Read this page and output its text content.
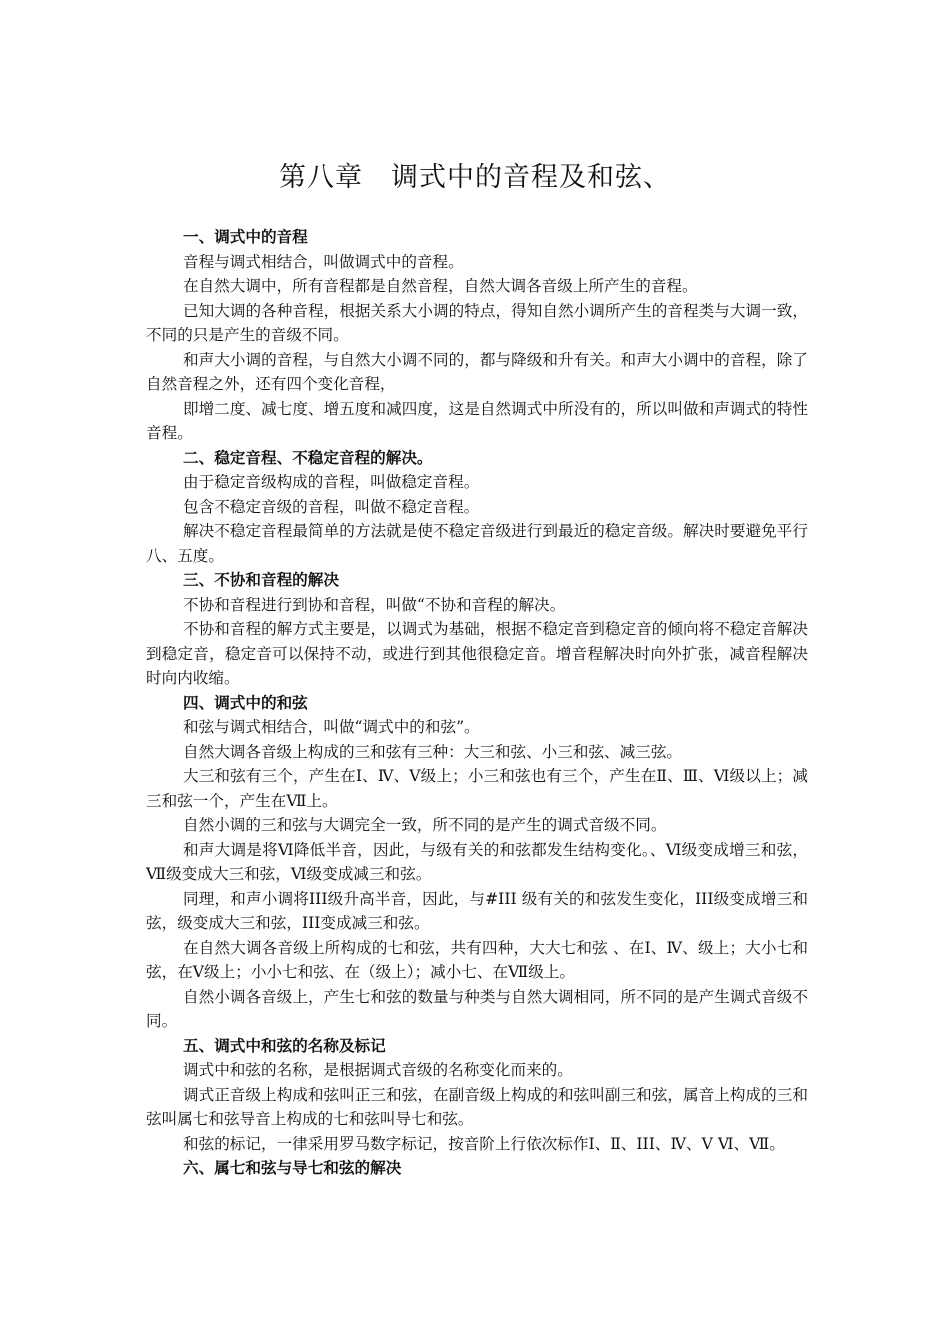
第八章　调式中的音程及和弦、

一、调式中的音程

音程与调式相结合，叫做调式中的音程。

在自然大调中，所有音程都是自然音程，自然大调各音级上所产生的音程。

已知大调的各种音程，根据关系大小调的特点，得知自然小调所产生的音程类与大调一致，不同的只是产生的音级不同。

和声大小调的音程，与自然大小调不同的，都与降级和升有关。和声大小调中的音程，除了自然音程之外，还有四个变化音程，

即增二度、减七度、增五度和减四度，这是自然调式中所没有的，所以叫做和声调式的特性音程。

二、稳定音程、不稳定音程的解决。

由于稳定音级构成的音程，叫做稳定音程。

包含不稳定音级的音程，叫做不稳定音程。

解决不稳定音程最简单的方法就是使不稳定音级进行到最近的稳定音级。解决时要避免平行八、五度。

三、不协和音程的解决

不协和音程进行到协和音程，叫做“不协和音程的解决。

不协和音程的解方式主要是，以调式为基础，根据不稳定音到稳定音的倾向将不稳定音解决到稳定音，稳定音可以保持不动，或进行到其他很稳定音。增音程解决时向外扩张，减音程解决时向内收缩。

四、调式中的和弦

和弦与调式相结合，叫做“调式中的和弦”。

自然大调各音级上构成的三和弦有三种：大三和弦、小三和弦、减三弦。

大三和弦有三个，产生在Ⅰ、Ⅳ、Ⅴ级上；小三和弦也有三个，产生在Ⅱ、Ⅲ、Ⅵ级以上；减三和弦一个，产生在Ⅶ上。

自然小调的三和弦与大调完全一致，所不同的是产生的调式音级不同。

和声大调是将Ⅵ降低半音，因此，与级有关的和弦都发生结构变化。、Ⅵ级变成增三和弦，Ⅶ级变成大三和弦，Ⅵ级变成减三和弦。

同理，和声小调将III级升高半音，因此，与#III 级有关的和弦发生变化，III级变成增三和弦，级变成大三和弦，III变成减三和弦。

在自然大调各音级上所构成的七和弦，共有四种，大大七和弦 、在Ⅰ、Ⅳ、级上；大小七和弦，在Ⅴ级上；小小七和弦、在（级上）；减小七、在Ⅶ级上。

自然小调各音级上，产生七和弦的数量与种类与自然大调相同，所不同的是产生调式音级不同。

五、调式中和弦的名称及标记

调式中和弦的名称，是根据调式音级的名称变化而来的。

调式正音级上构成和弦叫正三和弦，在副音级上构成的和弦叫副三和弦，属音上构成的三和弦叫属七和弦导音上构成的七和弦叫导七和弦。

和弦的标记，一律采用罗马数字标记，按音阶上行依次标作Ⅰ、Ⅱ、III、Ⅳ、Ⅴ Ⅵ、Ⅶ。

六、属七和弦与导七和弦的解决
